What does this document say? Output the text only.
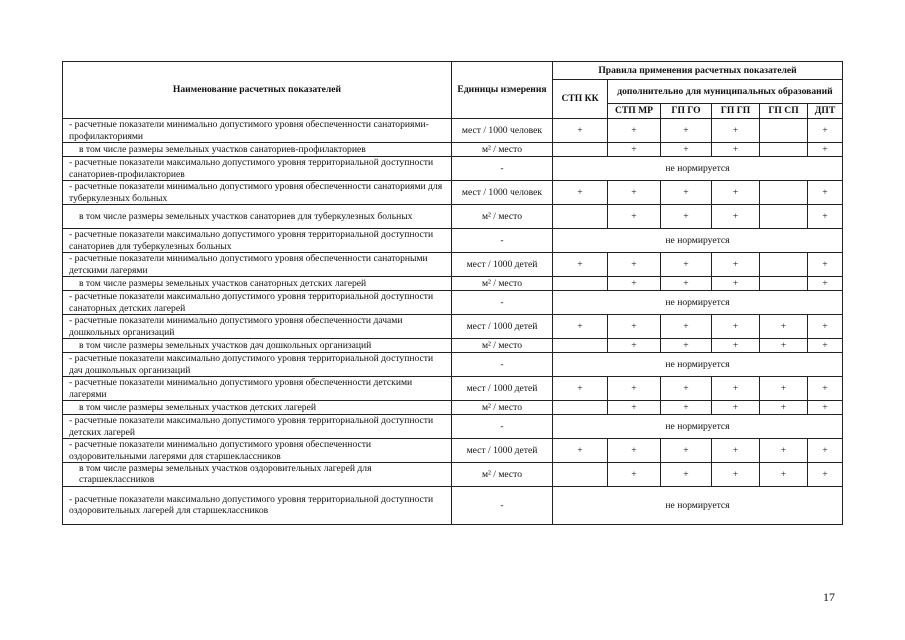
Наименование расчетных показателей	Единицы измерения	Правила применения расчетных показателей					
		СТП КК	дополнительно для муниципальных образований				
			СТП МР	ГП ГО	ГП ГП	ГП СП	ДПТ
- расчетные показатели минимально допустимого уровня обеспеченности санаториями-профилакториями	мест / 1000 человек	+	+	+	+		+
в том числе размеры земельных участков санаториев-профилакториев	м² / место		+	+	+		+
- расчетные показатели максимально допустимого уровня территориальной доступности санаториев-профилакториев	-	не нормируется					
- расчетные показатели минимально допустимого уровня обеспеченности санаториями для туберкулезных больных	мест / 1000 человек	+	+	+	+		+
в том числе размеры земельных участков санаториев для туберкулезных больных	м² / место		+	+	+		+
- расчетные показатели максимально допустимого уровня территориальной доступности санаториев для туберкулезных больных	-	не нормируется					
- расчетные показатели минимально допустимого уровня обеспеченности санаторными детскими лагерями	мест / 1000 детей	+	+	+	+		+
в том числе размеры земельных участков санаторных детских лагерей	м² / место		+	+	+		+
- расчетные показатели максимально допустимого уровня территориальной доступности санаторных детских лагерей	-	не нормируется					
- расчетные показатели минимально допустимого уровня обеспеченности дачами дошкольных организаций	мест / 1000 детей	+	+	+	+	+	+
в том числе размеры земельных участков дач дошкольных организаций	м² / место		+	+	+	+	+
- расчетные показатели максимально допустимого уровня территориальной доступности дач дошкольных организаций	-	не нормируется					
- расчетные показатели минимально допустимого уровня обеспеченности детскими лагерями	мест / 1000 детей	+	+	+	+	+	+
в том числе размеры земельных участков детских лагерей	м² / место		+	+	+	+	+
- расчетные показатели максимально допустимого уровня территориальной доступности детских лагерей	-	не нормируется					
- расчетные показатели минимально допустимого уровня обеспеченности оздоровительными лагерями для старшеклассников	мест / 1000 детей	+	+	+	+	+	+
в том числе размеры земельных участков оздоровительных лагерей для старшеклассников	м² / место		+	+	+	+	+
- расчетные показатели максимально допустимого уровня территориальной доступности оздоровительных лагерей для старшеклассников	-	не нормируется					
17
